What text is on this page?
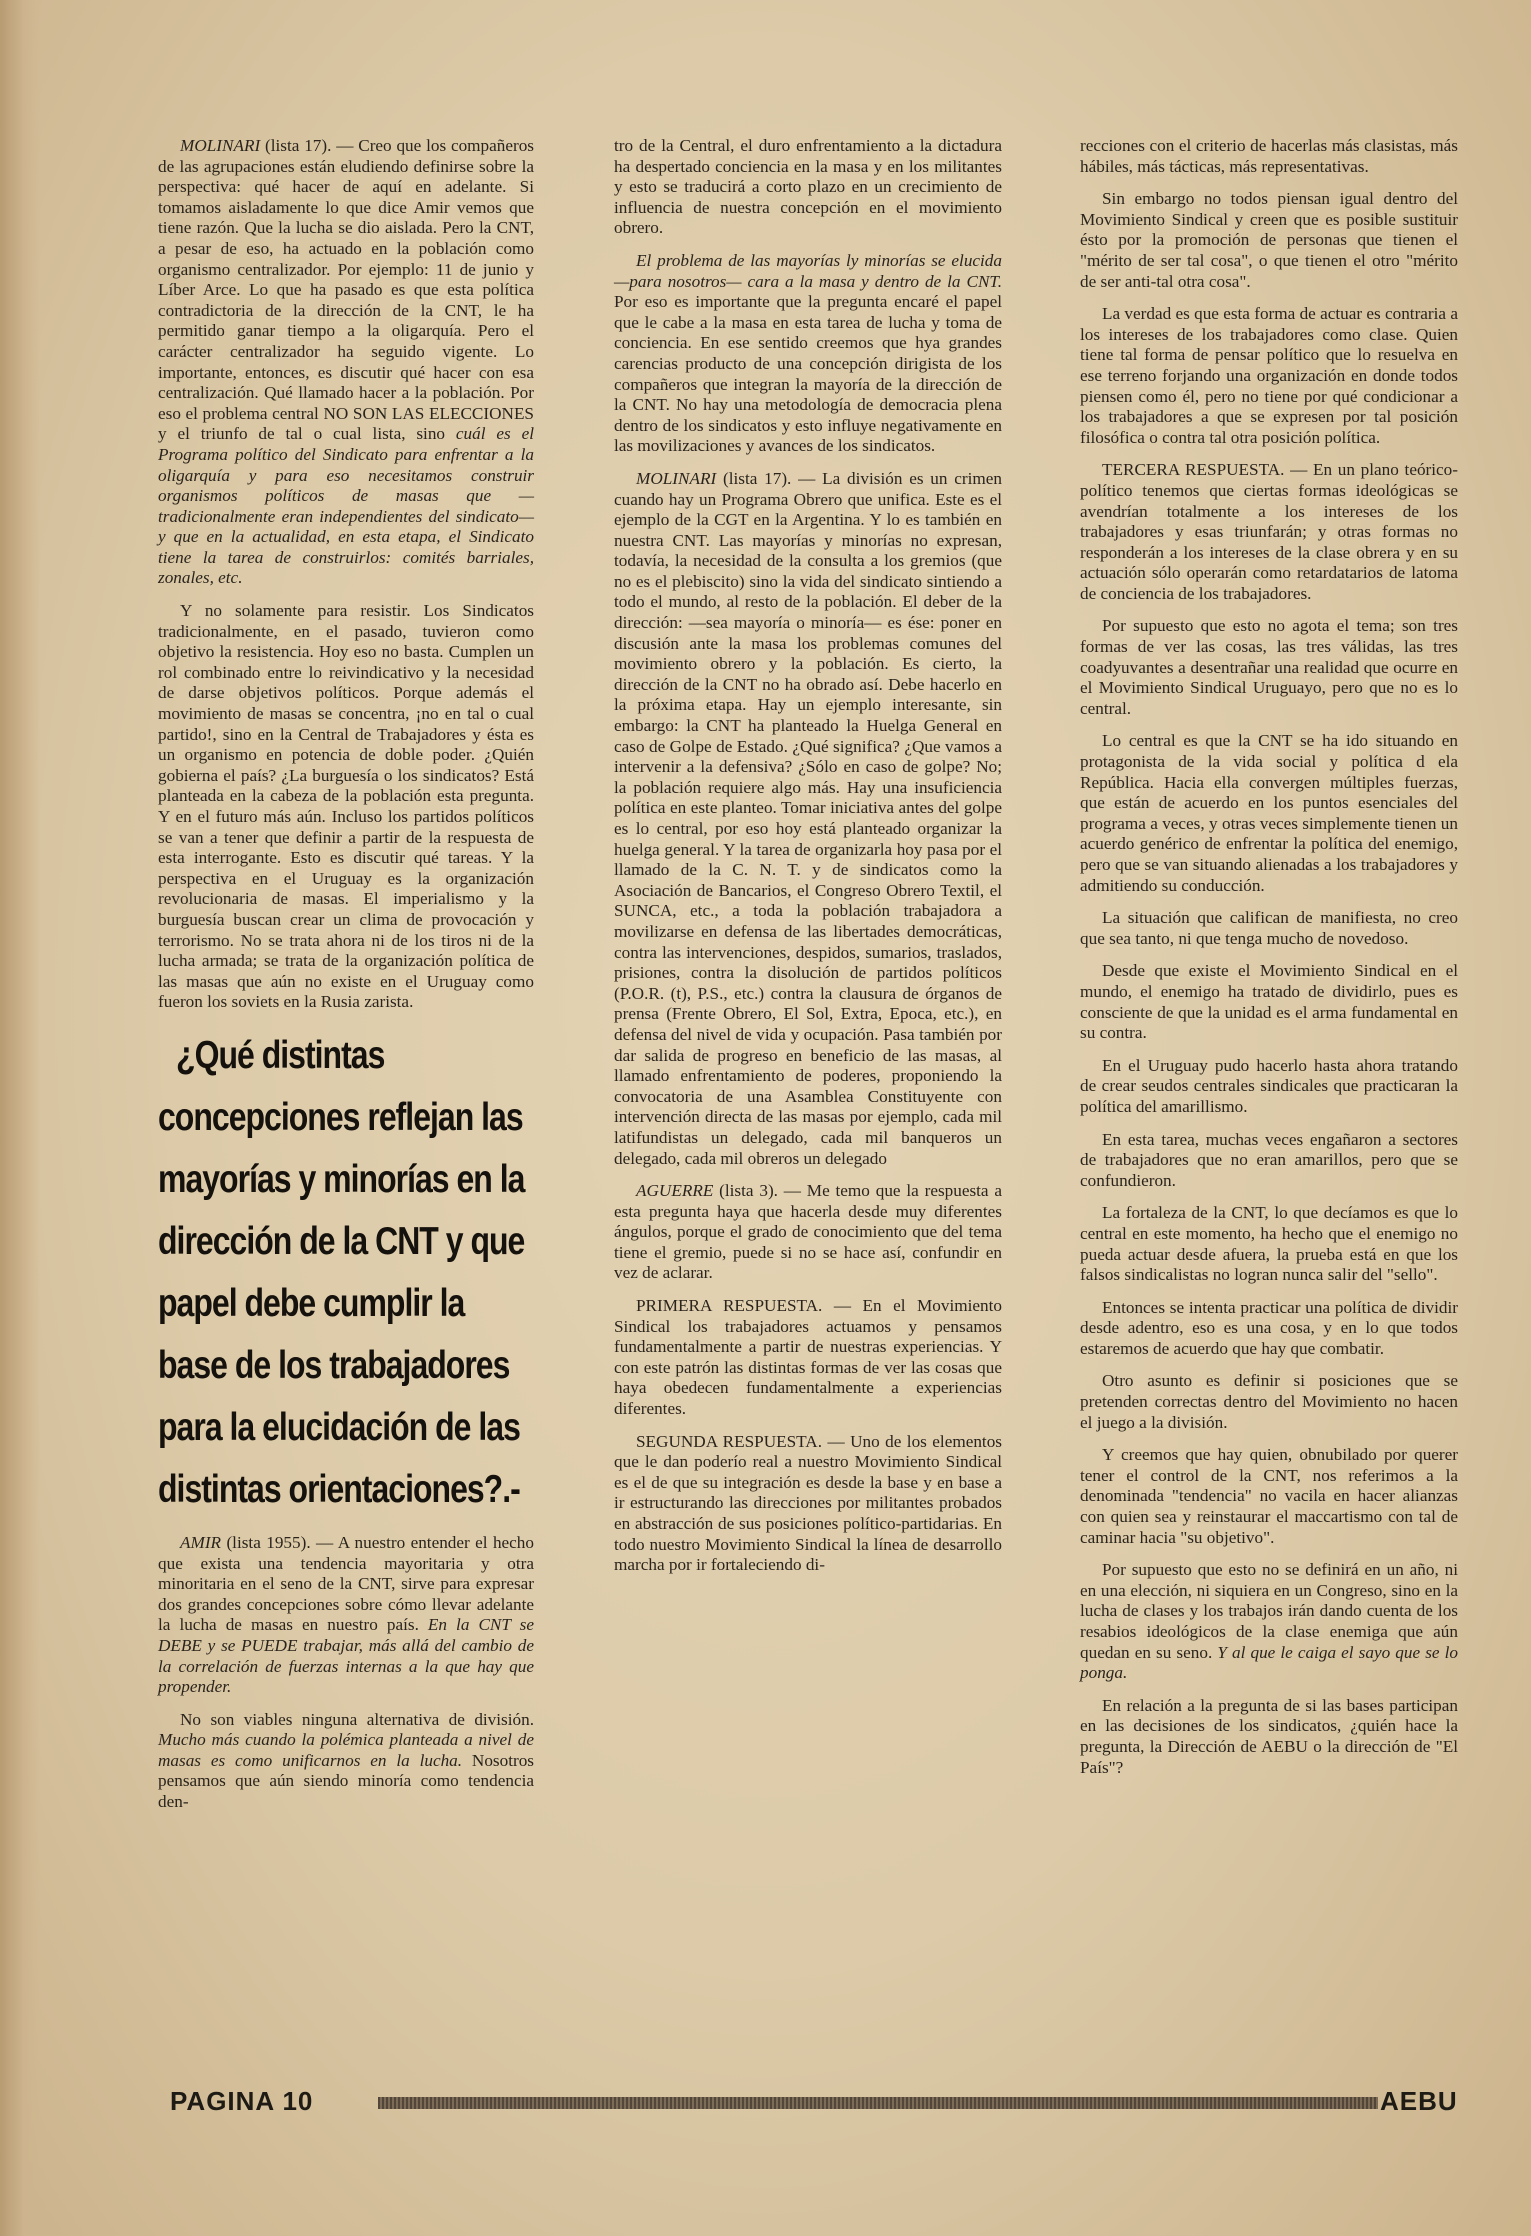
MOLINARI (lista 17). — Creo que los compañeros de las agrupaciones están eludiendo definirse sobre la perspectiva: qué hacer de aquí en adelante. Si tomamos aisladamente lo que dice Amir vemos que tiene razón. Que la lucha se dio aislada. Pero la CNT, a pesar de eso, ha actuado en la población como organismo centralizador. Por ejemplo: 11 de junio y Líber Arce. Lo que ha pasado es que esta política contradictoria de la dirección de la CNT, le ha permitido ganar tiempo a la oligarquía. Pero el carácter centralizador ha seguido vigente. Lo importante, entonces, es discutir qué hacer con esa centralización. Qué llamado hacer a la población. Por eso el problema central NO SON LAS ELECCIONES y el triunfo de tal o cual lista, sino cuál es el Programa político del Sindicato para enfrentar a la oligarquía y para eso necesitamos construir organismos políticos de masas que —tradicionalmente eran independientes del sindicato— y que en la actualidad, en esta etapa, el Sindicato tiene la tarea de construirlos: comités barriales, zonales, etc.

Y no solamente para resistir. Los Sindicatos tradicionalmente, en el pasado, tuvieron como objetivo la resistencia. Hoy eso no basta. Cumplen un rol combinado entre lo reivindicativo y la necesidad de darse objetivos políticos. Porque además el movimiento de masas se concentra, ¡no en tal o cual partido!, sino en la Central de Trabajadores y ésta es un organismo en potencia de doble poder. ¿Quién gobierna el país? ¿La burguesía o los sindicatos? Está planteada en la cabeza de la población esta pregunta. Y en el futuro más aún. Incluso los partidos políticos se van a tener que definir a partir de la respuesta de esta interrogante. Esto es discutir qué tareas. Y la perspectiva en el Uruguay es la organización revolucionaria de masas. El imperialismo y la burguesía buscan crear un clima de provocación y terrorismo. No se trata ahora ni de los tiros ni de la lucha armada; se trata de la organización política de las masas que aún no existe en el Uruguay como fueron los soviets en la Rusia zarista.

¿Qué distintas concepciones reflejan las mayorías y minorías en la dirección de la CNT y que papel debe cumplir la base de los trabajadores para la elucidación de las distintas orientaciones?.-

AMIR (lista 1955). — A nuestro entender el hecho que exista una tendencia mayoritaria y otra minoritaria en el seno de la CNT, sirve para expresar dos grandes concepciones sobre cómo llevar adelante la lucha de masas en nuestro país. En la CNT se DEBE y se PUEDE trabajar, más allá del cambio de la correlación de fuerzas internas a la que hay que propender.

No son viables ninguna alternativa de división. Mucho más cuando la polémica planteada a nivel de masas es como unificarnos en la lucha. Nosotros pensamos que aún siendo minoría como tendencia den-

tro de la Central, el duro enfrentamiento a la dictadura ha despertado conciencia en la masa y en los militantes y esto se traducirá a corto plazo en un crecimiento de influencia de nuestra concepción en el movimiento obrero.

El problema de las mayorías ly minorías se elucida —para nosotros— cara a la masa y dentro de la CNT. Por eso es importante que la pregunta encaré el papel que le cabe a la masa en esta tarea de lucha y toma de conciencia. En ese sentido creemos que hya grandes carencias producto de una concepción dirigista de los compañeros que integran la mayoría de la dirección de la CNT. No hay una metodología de democracia plena dentro de los sindicatos y esto influye negativamente en las movilizaciones y avances de los sindicatos.

MOLINARI (lista 17). — La división es un crimen cuando hay un Programa Obrero que unifica. Este es el ejemplo de la CGT en la Argentina. Y lo es también en nuestra CNT. Las mayorías y minorías no expresan, todavía, la necesidad de la consulta a los gremios (que no es el plebiscito) sino la vida del sindicato sintiendo a todo el mundo, al resto de la población. El deber de la dirección: —sea mayoría o minoría— es ése: poner en discusión ante la masa los problemas comunes del movimiento obrero y la población. Es cierto, la dirección de la CNT no ha obrado así. Debe hacerlo en la próxima etapa. Hay un ejemplo interesante, sin embargo: la CNT ha planteado la Huelga General en caso de Golpe de Estado. ¿Qué significa? ¿Que vamos a intervenir a la defensiva? ¿Sólo en caso de golpe? No; la población requiere algo más. Hay una insuficiencia política en este planteo. Tomar iniciativa antes del golpe es lo central, por eso hoy está planteado organizar la huelga general. Y la tarea de organizarla hoy pasa por el llamado de la C. N. T. y de sindicatos como la Asociación de Bancarios, el Congreso Obrero Textil, el SUNCA, etc., a toda la población trabajadora a movilizarse en defensa de las libertades democráticas, contra las intervenciones, despidos, sumarios, traslados, prisiones, contra la disolución de partidos políticos (P.O.R. (t), P.S., etc.) contra la clausura de órganos de prensa (Frente Obrero, El Sol, Extra, Epoca, etc.), en defensa del nivel de vida y ocupación. Pasa también por dar salida de progreso en beneficio de las masas, al llamado enfrentamiento de poderes, proponiendo la convocatoria de una Asamblea Constituyente con intervención directa de las masas por ejemplo, cada mil latifundistas un delegado, cada mil banqueros un delegado, cada mil obreros un delegado

AGUERRE (lista 3). — Me temo que la respuesta a esta pregunta haya que hacerla desde muy diferentes ángulos, porque el grado de conocimiento que del tema tiene el gremio, puede si no se hace así, confundir en vez de aclarar.

PRIMERA RESPUESTA. — En el Movimiento Sindical los trabajadores actuamos y pensamos fundamentalmente a partir de nuestras experiencias. Y con este patrón las distintas formas de ver las cosas que haya obedecen fundamentalmente a experiencias diferentes.

SEGUNDA RESPUESTA. — Uno de los elementos que le dan poderío real a nuestro Movimiento Sindical es el de que su integración es desde la base y en base a ir estructurando las direcciones por militantes probados en abstracción de sus posiciones político-partidarias. En todo nuestro Movimiento Sindical la línea de desarrollo marcha por ir fortaleciendo di-

recciones con el criterio de hacerlas más clasistas, más hábiles, más tácticas, más representativas.

Sin embargo no todos piensan igual dentro del Movimiento Sindical y creen que es posible sustituir ésto por la promoción de personas que tienen el "mérito de ser tal cosa", o que tienen el otro "mérito de ser anti-tal otra cosa".

La verdad es que esta forma de actuar es contraria a los intereses de los trabajadores como clase. Quien tiene tal forma de pensar político que lo resuelva en ese terreno forjando una organización en donde todos piensen como él, pero no tiene por qué condicionar a los trabajadores a que se expresen por tal posición filosófica o contra tal otra posición política.

TERCERA RESPUESTA. — En un plano teórico-político tenemos que ciertas formas ideológicas se avendrían totalmente a los intereses de los trabajadores y esas triunfarán; y otras formas no responderán a los intereses de la clase obrera y en su actuación sólo operarán como retardatarios de latoma de conciencia de los trabajadores.

Por supuesto que esto no agota el tema; son tres formas de ver las cosas, las tres válidas, las tres coadyuvantes a desentrañar una realidad que ocurre en el Movimiento Sindical Uruguayo, pero que no es lo central.

Lo central es que la CNT se ha ido situando en protagonista de la vida social y política d ela República. Hacia ella convergen múltiples fuerzas, que están de acuerdo en los puntos esenciales del programa a veces, y otras veces simplemente tienen un acuerdo genérico de enfrentar la política del enemigo, pero que se van situando alienadas a los trabajadores y admitiendo su conducción.

La situación que califican de manifiesta, no creo que sea tanto, ni que tenga mucho de novedoso.

Desde que existe el Movimiento Sindical en el mundo, el enemigo ha tratado de dividirlo, pues es consciente de que la unidad es el arma fundamental en su contra.

En el Uruguay pudo hacerlo hasta ahora tratando de crear seudos centrales sindicales que practicaran la política del amarillismo.

En esta tarea, muchas veces engañaron a sectores de trabajadores que no eran amarillos, pero que se confundieron.

La fortaleza de la CNT, lo que decíamos es que lo central en este momento, ha hecho que el enemigo no pueda actuar desde afuera, la prueba está en que los falsos sindicalistas no logran nunca salir del "sello".

Entonces se intenta practicar una política de dividir desde adentro, eso es una cosa, y en lo que todos estaremos de acuerdo que hay que combatir.

Otro asunto es definir si posiciones que se pretenden correctas dentro del Movimiento no hacen el juego a la división.

Y creemos que hay quien, obnubilado por querer tener el control de la CNT, nos referimos a la denominada "tendencia" no vacila en hacer alianzas con quien sea y reinstaurar el maccartismo con tal de caminar hacia "su objetivo".

Por supuesto que esto no se definirá en un año, ni en una elección, ni siquiera en un Congreso, sino en la lucha de clases y los trabajos irán dando cuenta de los resabios ideológicos de la clase enemiga que aún quedan en su seno. Y al que le caiga el sayo que se lo ponga.

En relación a la pregunta de si las bases participan en las decisiones de los sindicatos, ¿quién hace la pregunta, la Dirección de AEBU o la dirección de "El País"?

PAGINA 10	AEBU
